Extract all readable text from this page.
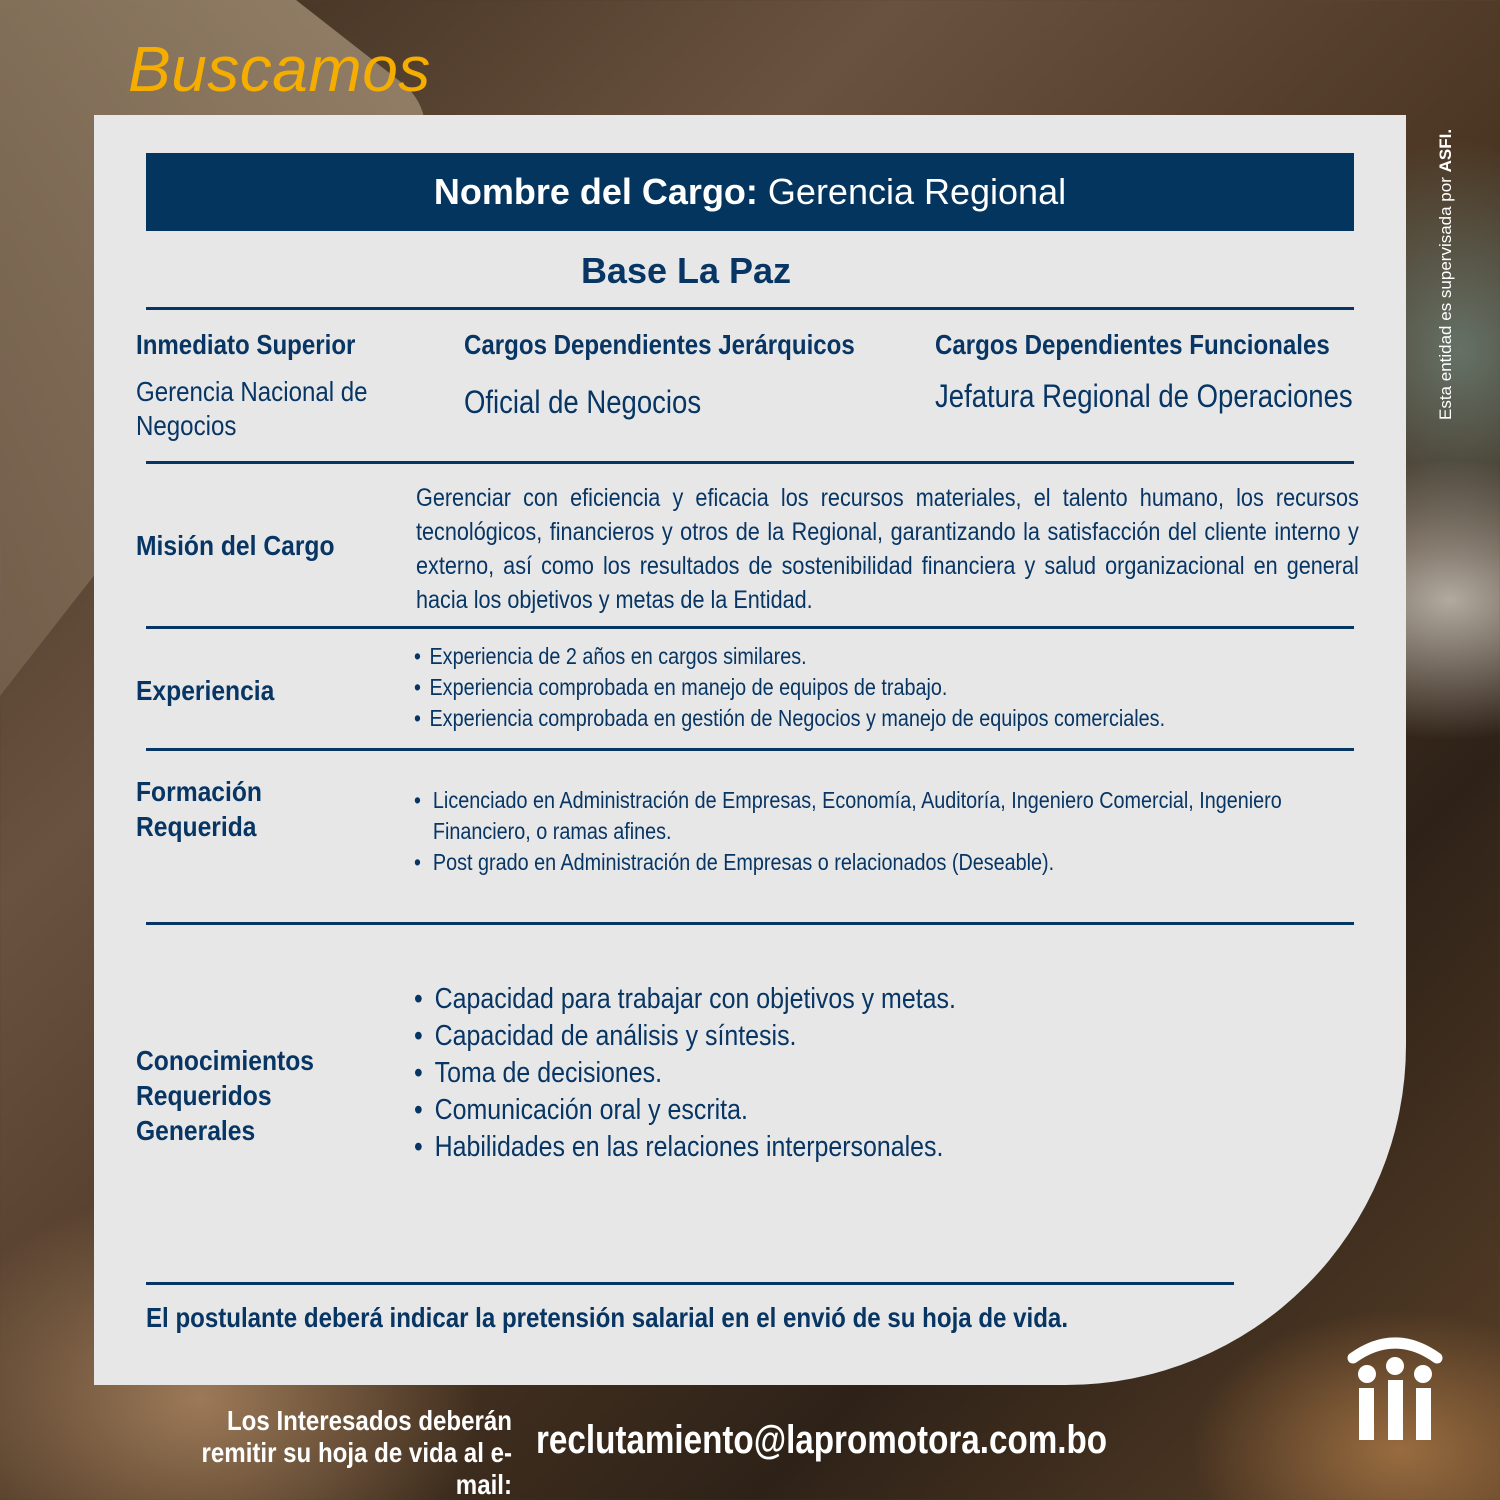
Buscamos
Esta entidad es supervisada por ASFI.
Nombre del Cargo: Gerencia Regional
Base La Paz
Inmediato Superior
Gerencia Nacional de Negocios
Cargos Dependientes Jerárquicos
Oficial de Negocios
Cargos Dependientes Funcionales
Jefatura Regional de Operaciones
Misión del Cargo
Gerenciar con eficiencia y eficacia los recursos materiales, el talento humano, los recursos tecnológicos, financieros y otros de la Regional, garantizando la satisfacción del cliente interno y externo, así como los resultados de sostenibilidad financiera y salud organizacional en general hacia los objetivos y metas de la Entidad.
Experiencia
• Experiencia de 2 años en cargos similares.
• Experiencia comprobada en manejo de equipos de trabajo.
• Experiencia comprobada en gestión de Negocios y manejo de equipos comerciales.
Formación
Requerida
• Licenciado en Administración de Empresas, Economía, Auditoría, Ingeniero Comercial, Ingeniero Financiero, o ramas afines.
• Post grado en Administración de Empresas o relacionados (Deseable).
Conocimientos
Requeridos
Generales
• Capacidad para trabajar con objetivos y metas.
• Capacidad de análisis y síntesis.
• Toma de decisiones.
• Comunicación oral y escrita.
• Habilidades en las relaciones interpersonales.
El postulante deberá indicar la pretensión salarial en el envió de su hoja de vida.
Los Interesados deberán
remitir su hoja de vida al e-mail:
reclutamiento@lapromotora.com.bo
